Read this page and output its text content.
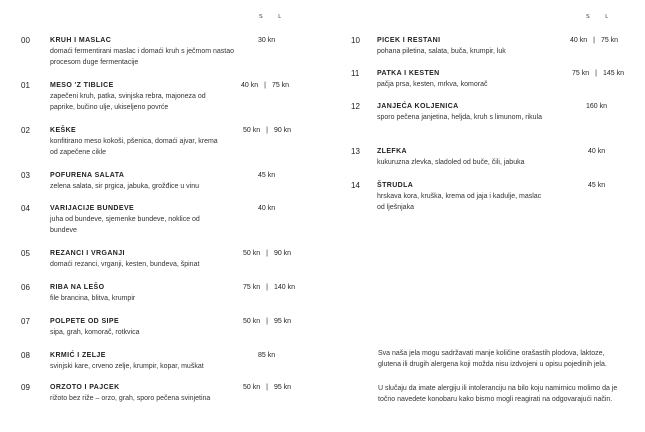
S	L
00	KRUH I MASLAC	30 kn
domaći fermentirani maslac i domaći kruh s ječmom nastao procesom duge fermentacije
01	MESO 'Z TIBLICE	40 kn | 75 kn
zapečeni kruh, patka, svinjska rebra, majoneza od paprike, bučino ulje, ukiseljeno povrće
02	KEŠKE	50 kn | 90 kn
konfitirano meso kokoši, pšenica, domaći ajvar, krema od zapečene cikle
03	POFURENA SALATA	45 kn
zelena salata, sir prgica, jabuka, grožđice u vinu
04	VARIJACIJE BUNDEVE	40 kn
juha od bundeve, sjemenke bundeve, noklice od bundeve
05	REZANCI I VRGANJI	50 kn | 90 kn
domaći rezanci, vrganji, kesten, bundeva, špinat
06	RIBA NA LEŠO	75 kn | 140 kn
file brancina, blitva, krumpir
07	POLPETE OD SIPE	50 kn | 95 kn
sipa, grah, komorač, rotkvica
08	KRMIĆ I ZELJE	85 kn
svinjski kare, crveno zelje, krumpir, kopar, muškat
09	ORZOTO I PAJCEK	50 kn | 95 kn
rižoto bez riže – orzo, grah, sporo pečena svinjetina
S	L
10 PICEK I RESTANI	40 kn | 75 kn
pohana piletina, salata, buča, krumpir, luk
11	PATKA I KESTEN	75 kn | 145 kn
pačja prsa, kesten, mrkva, komorač
12 JANJEĆA KOLJENICA	160 kn
sporo pečena janjetina, heljda, kruh s limunom, rikula
13 ZLEFKA	40 kn
kukuruzna zlevka, sladoled od buče, čili, jabuka
14 ŠTRUDLA	45 kn
hrskava kora, kruška, krema od jaja i kadulje, maslac od lješnjaka
Sva naša jela mogu sadržavati manje količine orašastih plodova, laktoze, glutena ili drugih alergena koji možda nisu izdvojeni u opisu pojedinih jela.
U slučaju da imate alergiju ili intoleranciju na bilo koju namirnicu molimo da je točno navedete konobaru kako bismo mogli reagirati na odgovarajući način.
